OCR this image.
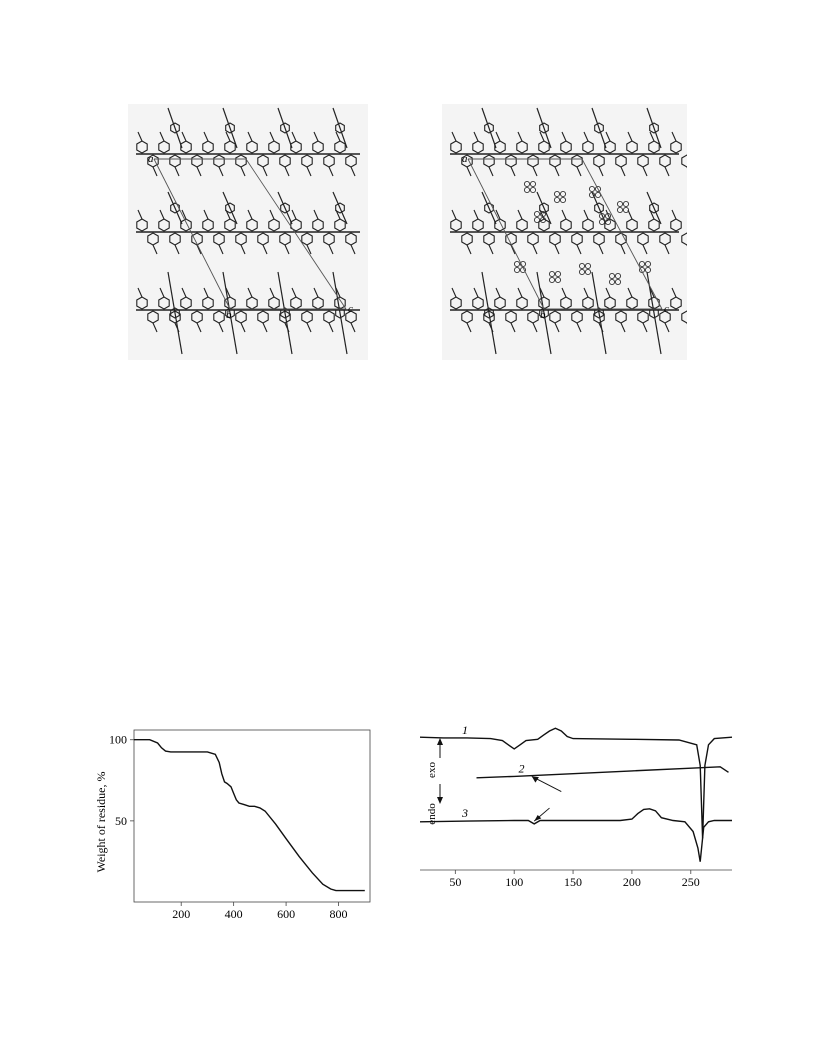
a
b	c
a
b	c
200	400	600	800
50
100
Weight of residue, %
50	100	150	200	250
1
2
3
exo
endo
